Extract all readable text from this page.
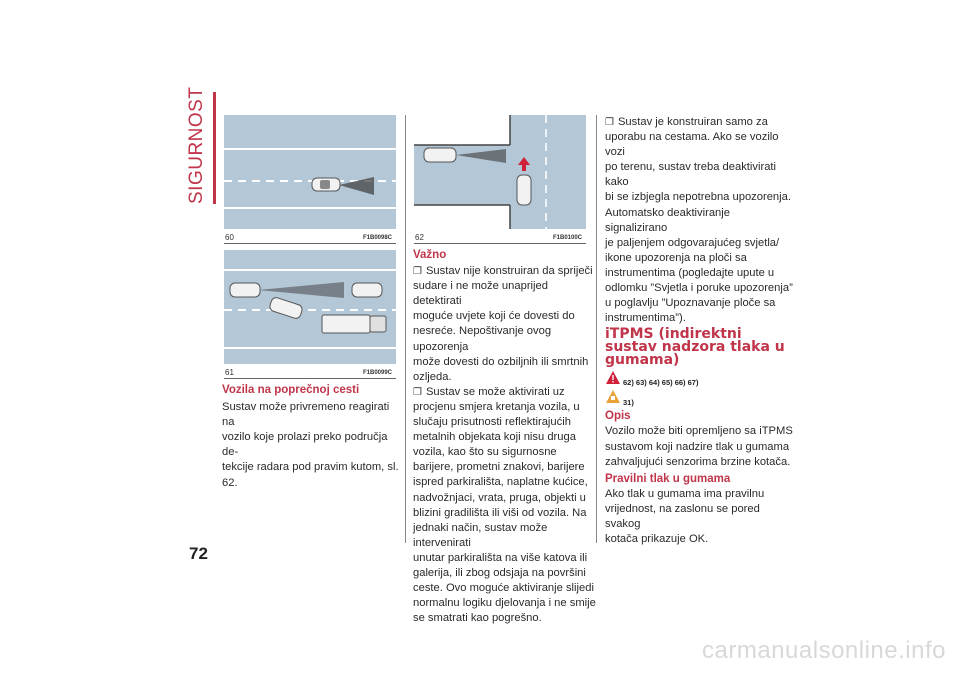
SIGURNOST
60	F1B0098C
61	F1B0099C
Vozila na poprečnoj cesti
Sustav može privremeno reagirati na
vozilo koje prolazi preko područja de-
tekcije radara pod pravim kutom, sl. 62.
62	F1B0100C
Važno
❐ Sustav nije konstruiran da spriječi
sudare i ne može unaprijed detektirati
moguće uvjete koji će dovesti do
nesreće. Nepoštivanje ovog upozorenja
može dovesti do ozbiljnih ili smrtnih
ozljeda.
❐ Sustav se može aktivirati uz
procjenu smjera kretanja vozila, u
slučaju prisutnosti reflektirajućih
metalnih objekata koji nisu druga
vozila, kao što su sigurnosne
barijere, prometni znakovi, barijere
ispred parkirališta, naplatne kućice,
nadvožnjaci, vrata, pruga, objekti u
blizini gradilišta ili viši od vozila. Na
jednaki način, sustav može intervenirati
unutar parkirališta na više katova ili
galerija, ili zbog odsjaja na površini
ceste. Ovo moguće aktiviranje slijedi
normalnu logiku djelovanja i ne smije
se smatrati kao pogrešno.
❐ Sustav je konstruiran samo za
uporabu na cestama. Ako se vozilo vozi
po terenu, sustav treba deaktivirati kako
bi se izbjegla nepotrebna upozorenja.
Automatsko deaktiviranje signalizirano
je paljenjem odgovarajućeg svjetla/
ikone upozorenja na ploči sa
instrumentima (pogledajte upute u
odlomku ”Svjetla i poruke upozorenja”
u poglavlju ”Upoznavanje ploče sa
instrumentima”).
iTPMS (indirektni
sustav nadzora tlaka u
gumama)
62) 63) 64) 65) 66) 67)
31)
Opis
Vozilo može biti opremljeno sa iTPMS
sustavom koji nadzire tlak u gumama
zahvaljujući senzorima brzine kotača.
Pravilni tlak u gumama
Ako tlak u gumama ima pravilnu
vrijednost, na zaslonu se pored svakog
kotača prikazuje OK.
72
carmanualsonline.info
